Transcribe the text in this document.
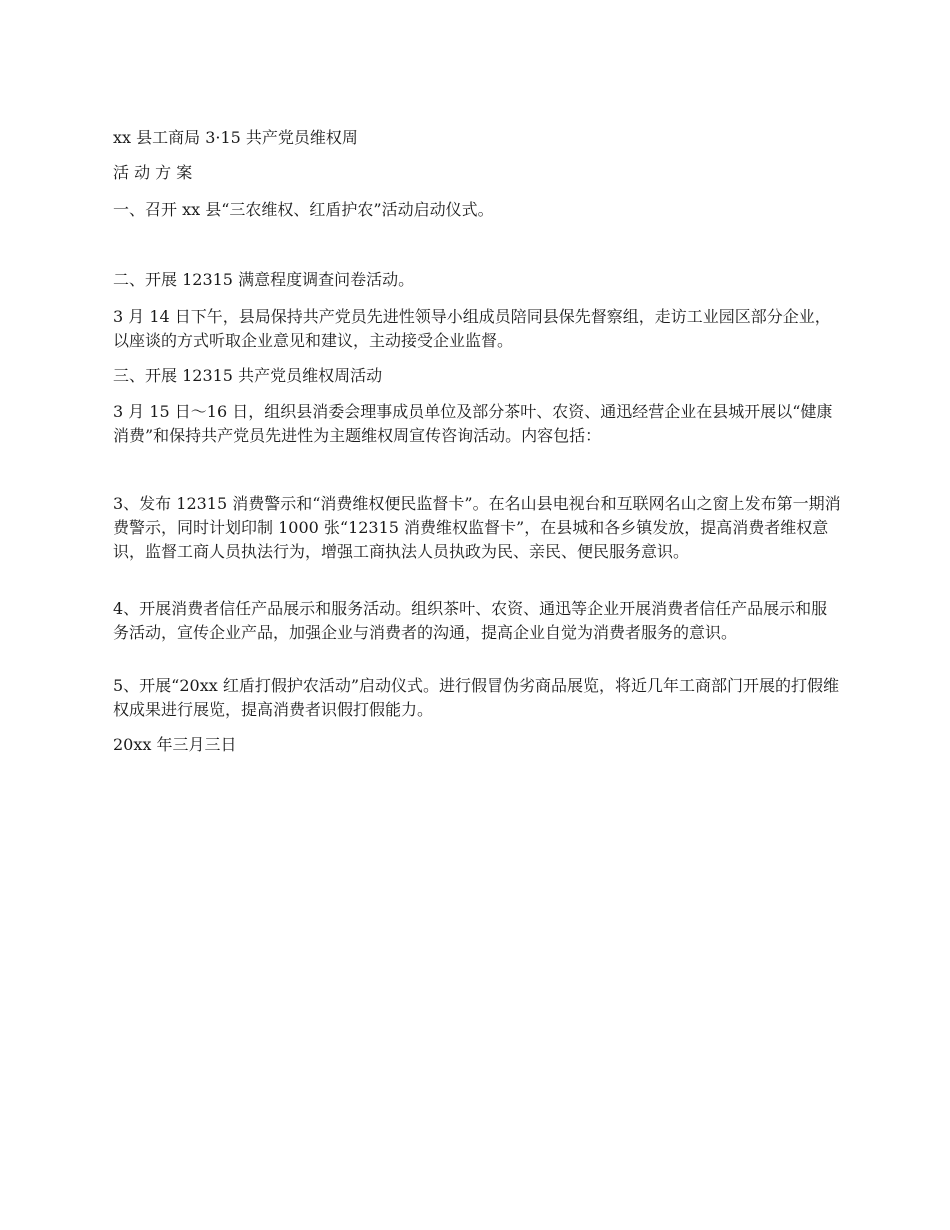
xx 县工商局 3·15 共产党员维权周

活 动 方 案

一、召开 xx 县“三农维权、红盾护农”活动启动仪式。

二、开展 12315 满意程度调查问卷活动。

3 月 14 日下午，县局保持共产党员先进性领导小组成员陪同县保先督察组，走访工业园区部分企业，以座谈的方式听取企业意见和建议，主动接受企业监督。

三、开展 12315 共产党员维权周活动

3 月 15 日～16 日，组织县消委会理事成员单位及部分茶叶、农资、通迅经营企业在县城开展以“健康消费”和保持共产党员先进性为主题维权周宣传咨询活动。内容包括：

3、发布 12315 消费警示和“消费维权便民监督卡”。在名山县电视台和互联网名山之窗上发布第一期消费警示，同时计划印制 1000 张“12315 消费维权监督卡”，在县城和各乡镇发放，提高消费者维权意识，监督工商人员执法行为，增强工商执法人员执政为民、亲民、便民服务意识。

4、开展消费者信任产品展示和服务活动。组织茶叶、农资、通迅等企业开展消费者信任产品展示和服务活动，宣传企业产品，加强企业与消费者的沟通，提高企业自觉为消费者服务的意识。

5、开展“20xx 红盾打假护农活动”启动仪式。进行假冒伪劣商品展览，将近几年工商部门开展的打假维权成果进行展览，提高消费者识假打假能力。

20xx 年三月三日
